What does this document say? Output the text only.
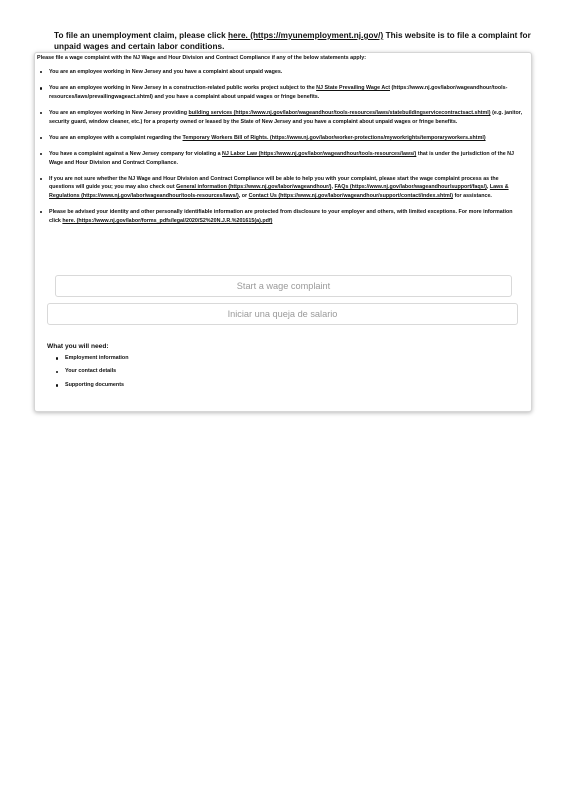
To file an unemployment claim, please click here. (https://myunemployment.nj.gov/) This website is to file a complaint for unpaid wages and certain labor conditions.
Please file a wage complaint with the NJ Wage and Hour Division and Contract Compliance if any of the below statements apply:
You are an employee working in New Jersey and you have a complaint about unpaid wages.
You are an employee working in New Jersey in a construction-related public works project subject to the NJ State Prevailing Wage Act (https://www.nj.gov/labor/wageandhour/tools-resources/laws/prevailingwageact.shtml) and you have a complaint about unpaid wages or fringe benefits.
You are an employee working in New Jersey providing building services (https://www.nj.gov/labor/wageandhour/tools-resources/laws/statebuildingservicecontractsact.shtml) (e.g. janitor, security guard, window cleaner, etc.) for a property owned or leased by the State of New Jersey and you have a complaint about unpaid wages or fringe benefits.
You are an employee with a complaint regarding the Temporary Workers Bill of Rights. (https://www.nj.gov/labor/worker-protections/myworkrights/temporaryworkers.shtml)
You have a complaint against a New Jersey company for violating a NJ Labor Law (https://www.nj.gov/labor/wageandhour/tools-resources/laws/) that is under the jurisdiction of the NJ Wage and Hour Division and Contract Compliance.
If you are not sure whether the NJ Wage and Hour Division and Contract Compliance will be able to help you with your complaint, please start the wage complaint process as the questions will guide you; you may also check out General information (https://www.nj.gov/labor/wageandhour/), FAQs (https://www.nj.gov/labor/wageandhour/support/faqs/), Laws & Regulations (https://www.nj.gov/labor/wageandhour/tools-resources/laws/), or Contact Us (https://www.nj.gov/labor/wageandhour/support/contact/index.shtml) for assistance.
Please be advised your identity and other personally identifiable information are protected from disclosure to your employer and others, with limited exceptions. For more information click here. (https://www.nj.gov/labor/forms_pdfs/legal/2020/S2%20N.J.R.%201615(a).pdf)
Start a wage complaint
Iniciar una queja de salario
What you will need:
Employment information
Your contact details
Supporting documents
